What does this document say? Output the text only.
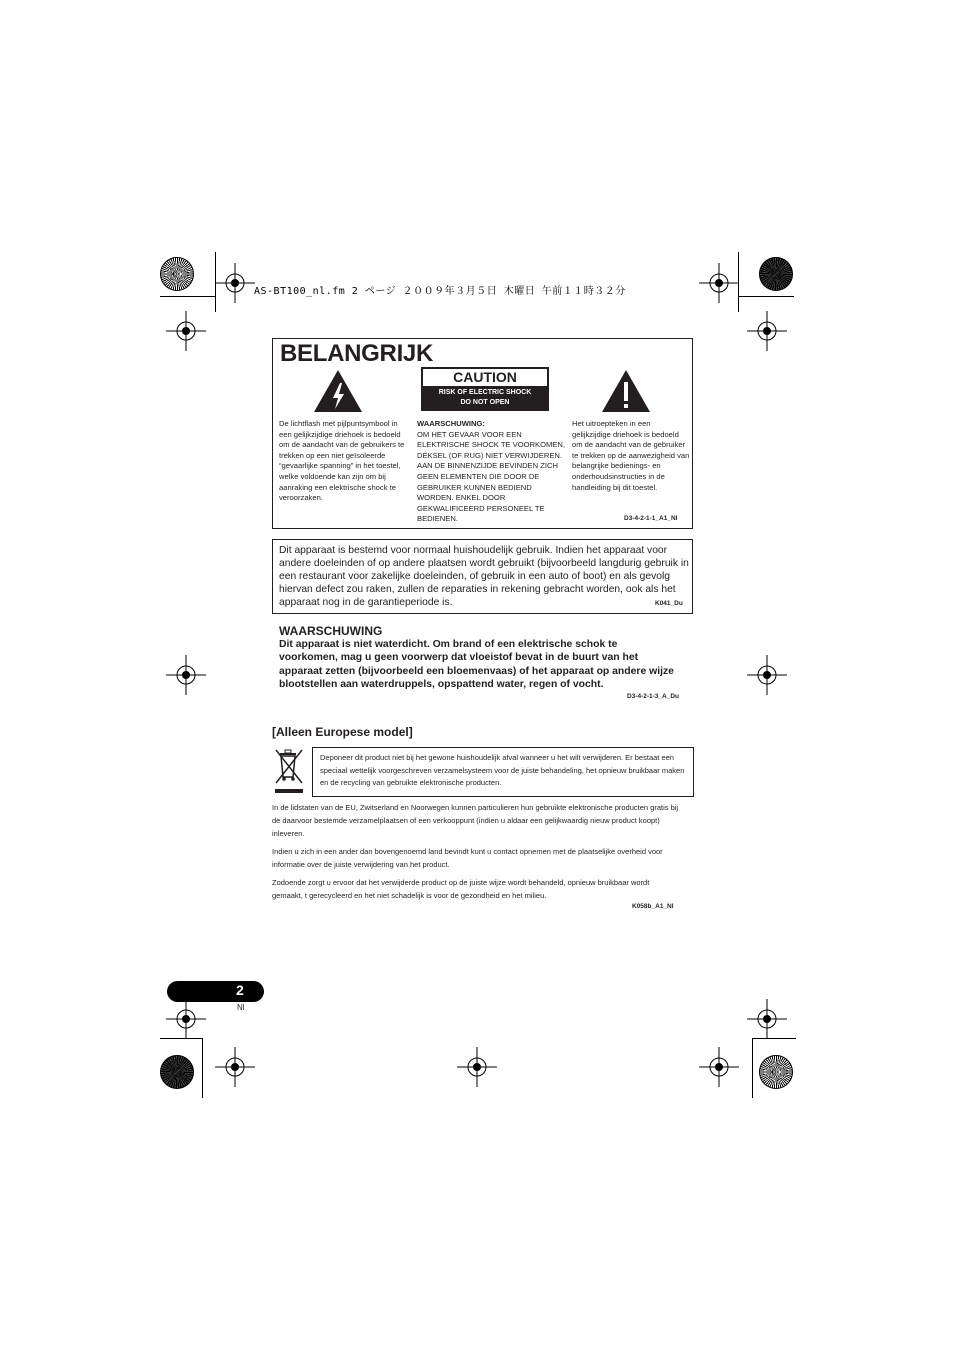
AS-BT100_nl.fm 2 ページ ２００９年３月５日 木曜日 午前１１時３２分
BELANGRIJK
CAUTION
RISK OF ELECTRIC SHOCK
DO NOT OPEN
De lichtflash met pijlpuntsymbool in een gelijkzijdige driehoek is bedoeld om de aandacht van de gebruikers te trekken op een niet geïsoleerde “gevaarlijke spanning” in het toestel, welke voldoende kan zijn om bij aanraking een elektrische shock te veroorzaken.
WAARSCHUWING:
OM HET GEVAAR VOOR EEN ELEKTRISCHE SHOCK TE VOORKOMEN, DEKSEL (OF RUG) NIET VERWIJDEREN. AAN DE BINNENZIJDE BEVINDEN ZICH GEEN ELEMENTEN DIE DOOR DE GEBRUIKER KUNNEN BEDIEND WORDEN. ENKEL DOOR GEKWALIFICEERD PERSONEEL TE BEDIENEN.
Het uitroepteken in een gelijkzijdige driehoek is bedoeld om de aandacht van de gebruiker te trekken op de aanwezigheid van belangrijke bedienings- en onderhoudsinstructies in de handleiding bij dit toestel.
D3-4-2-1-1_A1_Nl
Dit apparaat is bestemd voor normaal huishoudelijk gebruik. Indien het apparaat voor andere doeleinden of op andere plaatsen wordt gebruikt (bijvoorbeeld langdurig gebruik in een restaurant voor zakelijke doeleinden, of gebruik in een auto of boot) en als gevolg hiervan defect zou raken, zullen de reparaties in rekening gebracht worden, ook als het apparaat nog in de garantieperiode is.	K041_Du
WAARSCHUWING
Dit apparaat is niet waterdicht. Om brand of een elektrische schok te voorkomen, mag u geen voorwerp dat vloeistof bevat in de buurt van het apparaat zetten (bijvoorbeeld een bloemenvaas) of het apparaat op andere wijze blootstellen aan waterdruppels, opspattend water, regen of vocht.
D3-4-2-1-3_A_Du
[Alleen Europese model]
Deponeer dit product niet bij het gewone huishoudelijk afval wanneer u het wilt verwijderen. Er bestaat een speciaal wettelijk voorgeschreven verzamelsysteem voor de juiste behandeling, het opnieuw bruikbaar maken en de recycling van gebruikte elektronische producten.
In de lidstaten van de EU, Zwitserland en Noorwegen kunnen particulieren hun gebruikte elektronische producten gratis bij de daarvoor bestemde verzamelplaatsen of een verkooppunt (indien u aldaar een gelijkwaardig nieuw product koopt) inleveren.
Indien u zich in een ander dan bovengenoemd land bevindt kunt u contact opnemen met de plaatselijke overheid voor informatie over de juiste verwijdering van het product.
Zodoende zorgt u ervoor dat het verwijderde product op de juiste wijze wordt behandeld, opnieuw bruikbaar wordt gemaakt, t gerecycleerd en het niet schadelijk is voor de gezondheid en het milieu.
K058b_A1_Nl
2
Nl
